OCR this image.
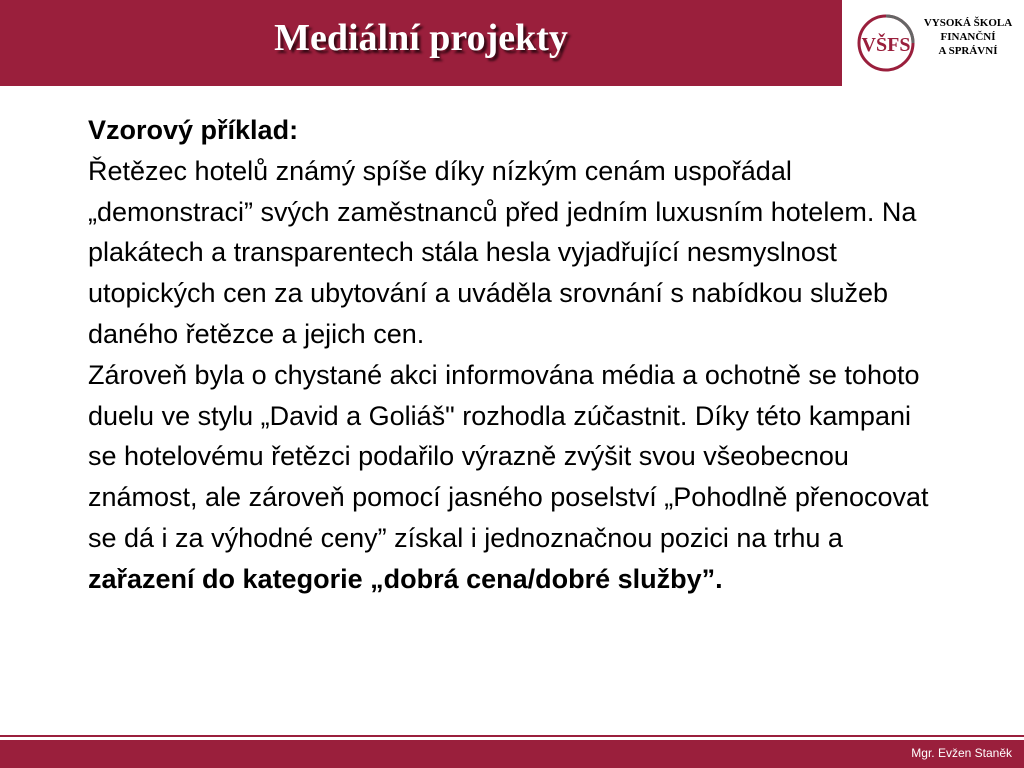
Mediální projekty	VŠFS
VYSOKÁ ŠKOLA
FINANČNÍ
A SPRÁVNÍ

Vzorový příklad:

Řetězec hotelů známý spíše díky nízkým cenám uspořádal „demonstraci” svých zaměstnanců před jedním luxusním hotelem. Na plakátech a transparentech stála hesla vyjadřující nesmyslnost utopických cen za ubytování a uváděla srovnání s nabídkou služeb daného řetězce a jejich cen.

Zároveň byla o chystané akci informována média a ochotně se tohoto duelu ve stylu „David a Goliáš" rozhodla zúčastnit. Díky této kampani se hotelovému řetězci podařilo výrazně zvýšit svou všeobecnou známost, ale zároveň pomocí jasného poselství „Pohodlně přenocovat se dá i za výhodné ceny” získal i jednoznačnou pozici na trhu a zařazení do kategorie „dobrá cena/dobré služby”.

Mgr. Evžen Staněk
